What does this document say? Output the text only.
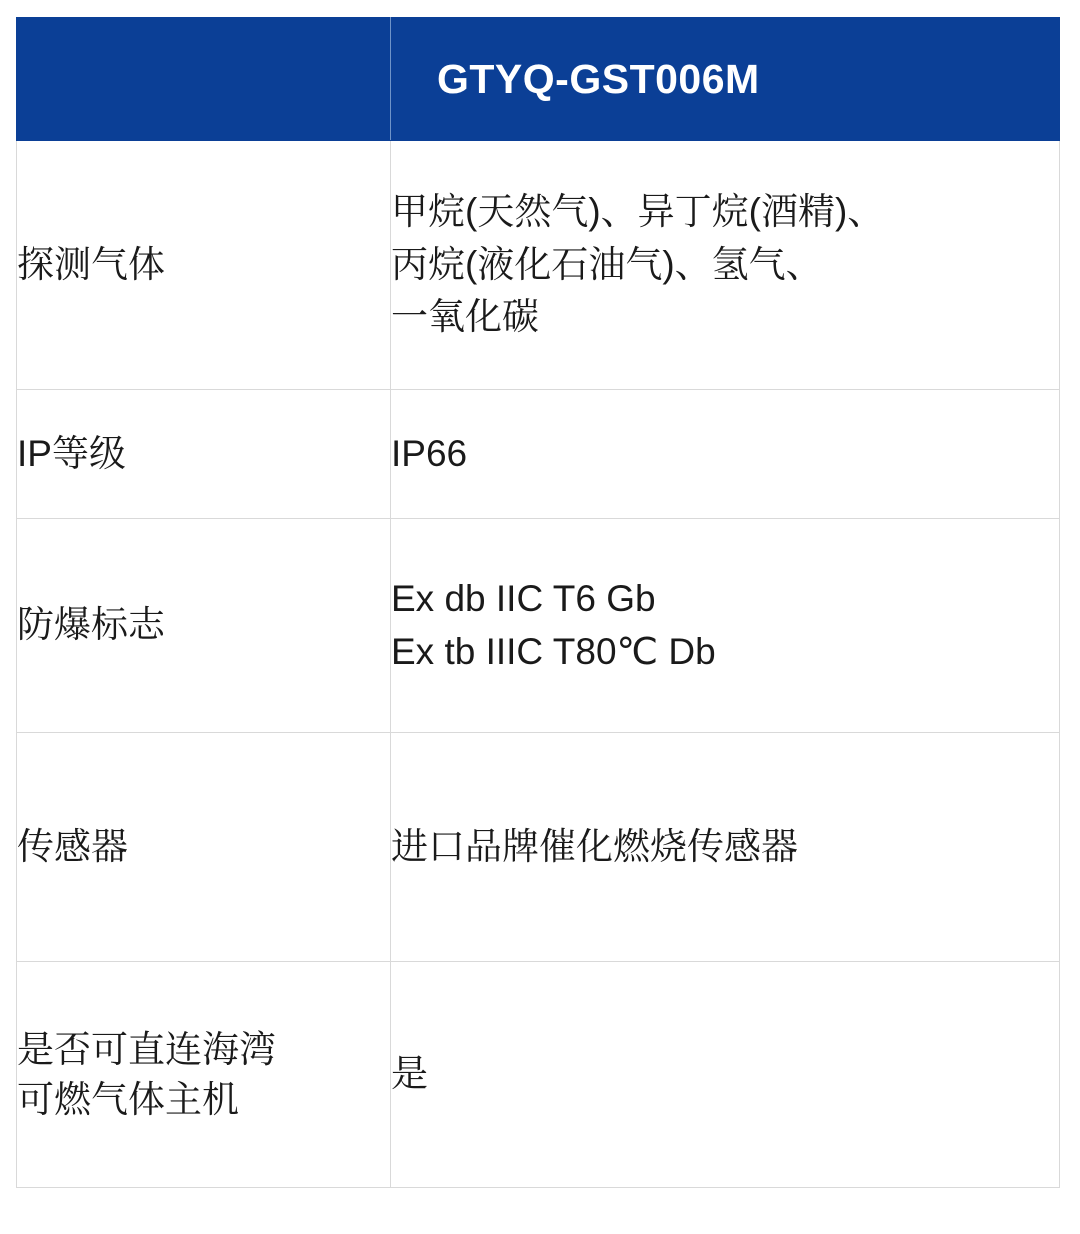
	GTYQ-GST006M
探测气体	甲烷(天然气)、异丁烷(酒精)、
丙烷(液化石油气)、氢气、
一氧化碳

IP等级	IP66

防爆标志	Ex db IIC T6 Gb
Ex tb IIIC T80℃ Db

传感器	进口品牌催化燃烧传感器

是否可直连海湾
可燃气体主机	是
